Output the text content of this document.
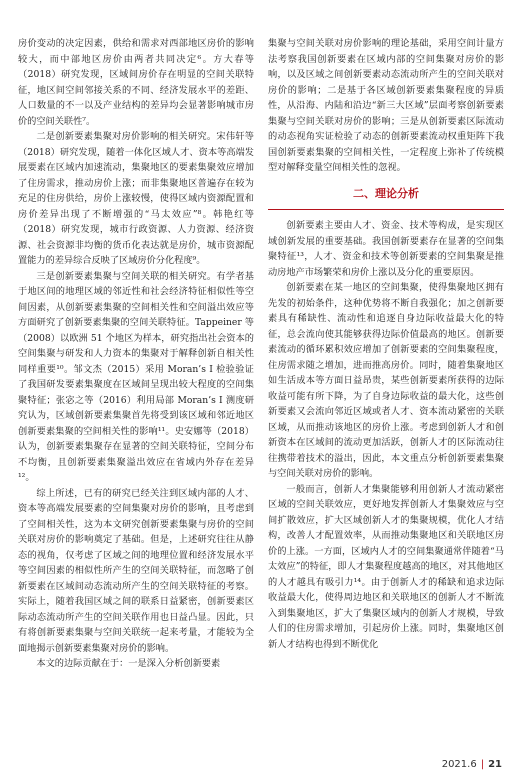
房价变动的决定因素，供给和需求对西部地区房价的影响较大，而中部地区房价由两者共同决定⁶。方大春等（2018）研究发现，区域间房价存在明显的空间关联特征，地区间空间邻接关系的不同、经济发展水平的差距、人口数量的不一以及产业结构的差异均会显著影响城市房价的空间关联性⁷。

二是创新要素集聚对房价影响的相关研究。宋伟轩等（2018）研究发现，随着一体化区域人才、资本等高端发展要素在区域内加速流动，集聚地区的要素集聚效应增加了住房需求，推动房价上涨；而非集聚地区普遍存在较为充足的住房供给，房价上涨较慢，使得区域内资源配置和房价差异出现了不断增强的“马太效应”⁸。韩艳红等（2018）研究发现，城市行政资源、人力资源、经济资源、社会资源非均衡的货币化表达就是房价，城市资源配置能力的差异综合反映了区域房价分化程度⁹。

三是创新要素集聚与空间关联的相关研究。有学者基于地区间的地理区域的邻近性和社会经济特征相似性等空间因素，从创新要素集聚的空间相关性和空间溢出效应等方面研究了创新要素集聚的空间关联特征。Tappeiner 等（2008）以欧洲 51 个地区为样本，研究指出社会资本的空间集聚与研发和人力资本的集聚对于解释创新自相关性同样重要¹⁰。邹文杰（2015）采用 Moran’s I 检验验证了我国研发要素集聚度在区域间呈现出较大程度的空间集聚特征；张宓之等（2016）利用局部 Moran’s I 测度研究认为，区域创新要素集聚首先将受到该区域和邻近地区创新要素集聚的空间相关性的影响¹¹。史安娜等（2018）认为，创新要素集聚存在显著的空间关联特征，空间分布不均衡，且创新要素集聚溢出效应在省域内外存在差异¹²。

综上所述，已有的研究已经关注到区域内部的人才、资本等高端发展要素的空间集聚对房价的影响，且考虑到了空间相关性，这为本文研究创新要素集聚与房价的空间关联对房价的影响奠定了基础。但是，上述研究往往从静态的视角，仅考虑了区域之间的地理位置和经济发展水平等空间因素的相似性所产生的空间关联特征，而忽略了创新要素在区域间动态流动所产生的空间关联特征的考察。实际上，随着我国区域之间的联系日益紧密，创新要素区际动态流动所产生的空间关联作用也日益凸显。因此，只有将创新要素集聚与空间关联统一起来考量，才能较为全面地揭示创新要素集聚对房价的影响。

本文的边际贡献在于：一是深入分析创新要素

集聚与空间关联对房价影响的理论基础，采用空间计量方法考察我国创新要素在区域内部的空间集聚对房价的影响，以及区域之间创新要素动态流动所产生的空间关联对房价的影响；二是基于各区域创新要素集聚程度的异质性，从沿海、内陆和沿边“新三大区域”层面考察创新要素集聚与空间关联对房价的影响；三是从创新要素区际流动的动态视角实证检验了动态的创新要素流动权重矩阵下我国创新要素集聚的空间相关性，一定程度上弥补了传统模型对解释变量空间相关性的忽视。

二、理论分析

创新要素主要由人才、资金、技术等构成，是实现区域创新发展的重要基础。我国创新要素存在显著的空间集聚特征¹³，人才、资金和技术等创新要素的空间集聚是推动房地产市场繁荣和房价上涨以及分化的重要原因。

创新要素在某一地区的空间集聚，使得集聚地区拥有先发的初始条件，这种优势将不断自我强化；加之创新要素具有稀缺性、流动性和追逐自身边际收益最大化的特征，总会流向使其能够获得边际价值最高的地区。创新要素流动的循环累积效应增加了创新要素的空间集聚程度，住房需求随之增加，进而推高房价。同时，随着集聚地区如生活成本等方面日益昂贵，某些创新要素所获得的边际收益可能有所下降，为了自身边际收益的最大化，这些创新要素又会流向邻近区域或者人才、资本流动紧密的关联区域，从而推动该地区的房价上涨。考虑到创新人才和创新资本在区域间的流动更加活跃，创新人才的区际流动往往携带着技术的溢出，因此，本文重点分析创新要素集聚与空间关联对房价的影响。

一般而言，创新人才集聚能够利用创新人才流动紧密区域的空间关联效应，更好地发挥创新人才集聚效应与空间扩散效应，扩大区域创新人才的集聚规模，优化人才结构，改善人才配置效率，从而推动集聚地区和关联地区房价的上涨。一方面，区域内人才的空间集聚通常伴随着“马太效应”的特征，即人才集聚程度越高的地区，对其他地区的人才越具有吸引力¹⁴。由于创新人才的稀缺和追求边际收益最大化，使得周边地区和关联地区的创新人才不断流入到集聚地区，扩大了集聚区域内的创新人才规模，导致人们的住房需求增加，引起房价上涨。同时，集聚地区创新人才结构也得到不断优化

2021.6 | 21
